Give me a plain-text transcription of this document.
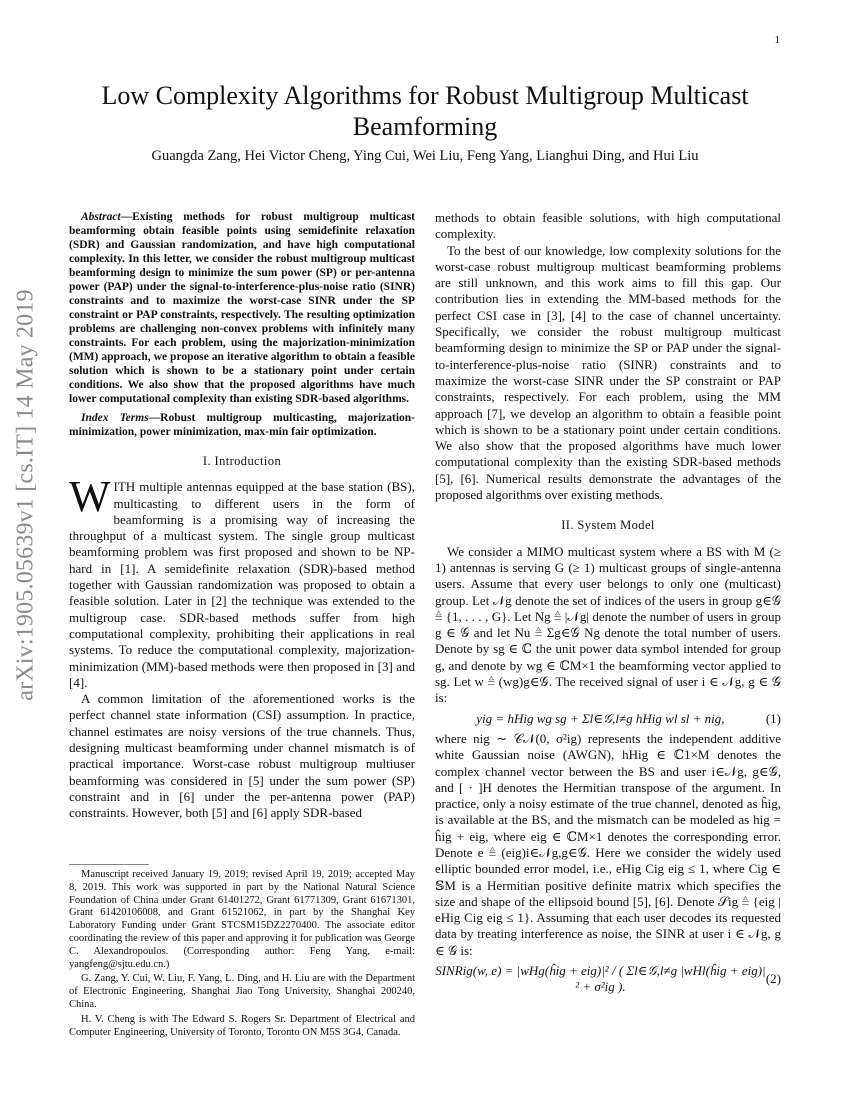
1
arXiv:1905.05639v1 [cs.IT] 14 May 2019
Low Complexity Algorithms for Robust Multigroup Multicast Beamforming
Guangda Zang, Hei Victor Cheng, Ying Cui, Wei Liu, Feng Yang, Lianghui Ding, and Hui Liu

Abstract—Existing methods for robust multigroup multicast beamforming obtain feasible points using semidefinite relaxation (SDR) and Gaussian randomization, and have high computational complexity. In this letter, we consider the robust multigroup multicast beamforming design to minimize the sum power (SP) or per-antenna power (PAP) under the signal-to-interference-plus-noise ratio (SINR) constraints and to maximize the worst-case SINR under the SP constraint or PAP constraints, respectively. The resulting optimization problems are challenging non-convex problems with infinitely many constraints. For each problem, using the majorization-minimization (MM) approach, we propose an iterative algorithm to obtain a feasible solution which is shown to be a stationary point under certain conditions. We also show that the proposed algorithms have much lower computational complexity than existing SDR-based algorithms.

Index Terms—Robust multigroup multicasting, majorization-minimization, power minimization, max-min fair optimization.

I. Introduction

WITH multiple antennas equipped at the base station (BS), multicasting to different users in the form of beamforming is a promising way of increasing the throughput of a multicast system. The single group multicast beamforming problem was first proposed and shown to be NP-hard in [1]. A semidefinite relaxation (SDR)-based method together with Gaussian randomization was proposed to obtain a feasible solution. Later in [2] the technique was extended to the multigroup case. SDR-based methods suffer from high computational complexity, prohibiting their applications in real systems. To reduce the computational complexity, majorization-minimization (MM)-based methods were then proposed in [3] and [4].

A common limitation of the aforementioned works is the perfect channel state information (CSI) assumption. In practice, channel estimates are noisy versions of the true channels. Thus, designing multicast beamforming under channel mismatch is of practical importance. Worst-case robust multigroup multiuser beamforming was considered in [5] under the sum power (SP) constraint and in [6] under the per-antenna power (PAP) constraints. However, both [5] and [6] apply SDR-based

Manuscript received January 19, 2019; revised April 19, 2019; accepted May 8, 2019. This work was supported in part by the National Natural Science Foundation of China under Grant 61401272, Grant 61771309, Grant 61671301, Grant 61420106008, and Grant 61521062, in part by the Shanghai Key Laboratory Funding under Grant STCSM15DZ2270400. The associate editor coordinating the review of this paper and approving it for publication was George C. Alexandropoulos. (Corresponding author: Feng Yang, e-mail: yangfeng@sjtu.edu.cn.)

G. Zang, Y. Cui, W. Liu, F. Yang, L. Ding, and H. Liu are with the Department of Electronic Engineering, Shanghai Jiao Tong University, Shanghai 200240, China.

H. V. Cheng is with The Edward S. Rogers Sr. Department of Electrical and Computer Engineering, University of Toronto, Toronto ON M5S 3G4, Canada.

methods to obtain feasible solutions, with high computational complexity.

To the best of our knowledge, low complexity solutions for the worst-case robust multigroup multicast beamforming problems are still unknown, and this work aims to fill this gap. Our contribution lies in extending the MM-based methods for the perfect CSI case in [3], [4] to the case of channel uncertainty. Specifically, we consider the robust multigroup multicast beamforming design to minimize the SP or PAP under the signal-to-interference-plus-noise ratio (SINR) constraints and to maximize the worst-case SINR under the SP constraint or PAP constraints, respectively. For each problem, using the MM approach [7], we develop an algorithm to obtain a feasible point which is shown to be a stationary point under certain conditions. We also show that the proposed algorithms have much lower computational complexity than the existing SDR-based methods [5], [6]. Numerical results demonstrate the advantages of the proposed algorithms over existing methods.

II. System Model

We consider a MIMO multicast system where a BS with M (≥ 1) antennas is serving G (≥ 1) multicast groups of single-antenna users. Assume that every user belongs to only one (multicast) group. Let 𝒩g denote the set of indices of the users in group g∈𝒢 ≜ {1, . . . , G}. Let Ng ≜ |𝒩g| denote the number of users in group g ∈ 𝒢 and let Nu ≜ Σg∈𝒢 Ng denote the total number of users. Denote by sg ∈ ℂ the unit power data symbol intended for group g, and denote by wg ∈ ℂM×1 the beamforming vector applied to sg. Let w ≜ (wg)g∈𝒢. The received signal of user i ∈ 𝒩g, g ∈ 𝒢 is:

yig = hHig wg sg + Σl∈𝒢,l≠g hHig wl sl + nig,	(1)

where nig ∼ 𝒞𝒩(0, σ²ig) represents the independent additive white Gaussian noise (AWGN), hHig ∈ ℂ1×M denotes the complex channel vector between the BS and user i∈𝒩g, g∈𝒢, and [ · ]H denotes the Hermitian transpose of the argument. In practice, only a noisy estimate of the true channel, denoted as ĥig, is available at the BS, and the mismatch can be modeled as hig = ĥig + eig, where eig ∈ ℂM×1 denotes the corresponding error. Denote e ≜ (eig)i∈𝒩g,g∈𝒢. Here we consider the widely used elliptic bounded error model, i.e., eHig Cig eig ≤ 1, where Cig ∈ 𝕊M is a Hermitian positive definite matrix which specifies the size and shape of the ellipsoid bound [5], [6]. Denote 𝒮ig ≜ {eig | eHig Cig eig ≤ 1}. Assuming that each user decodes its requested data by treating interference as noise, the SINR at user i ∈ 𝒩g, g ∈ 𝒢 is:

SINRig(w, e) = |wHg(ĥig + eig)|² / ( Σl∈𝒢,l≠g |wHl(ĥig + eig)|² + σ²ig ).
(2)
